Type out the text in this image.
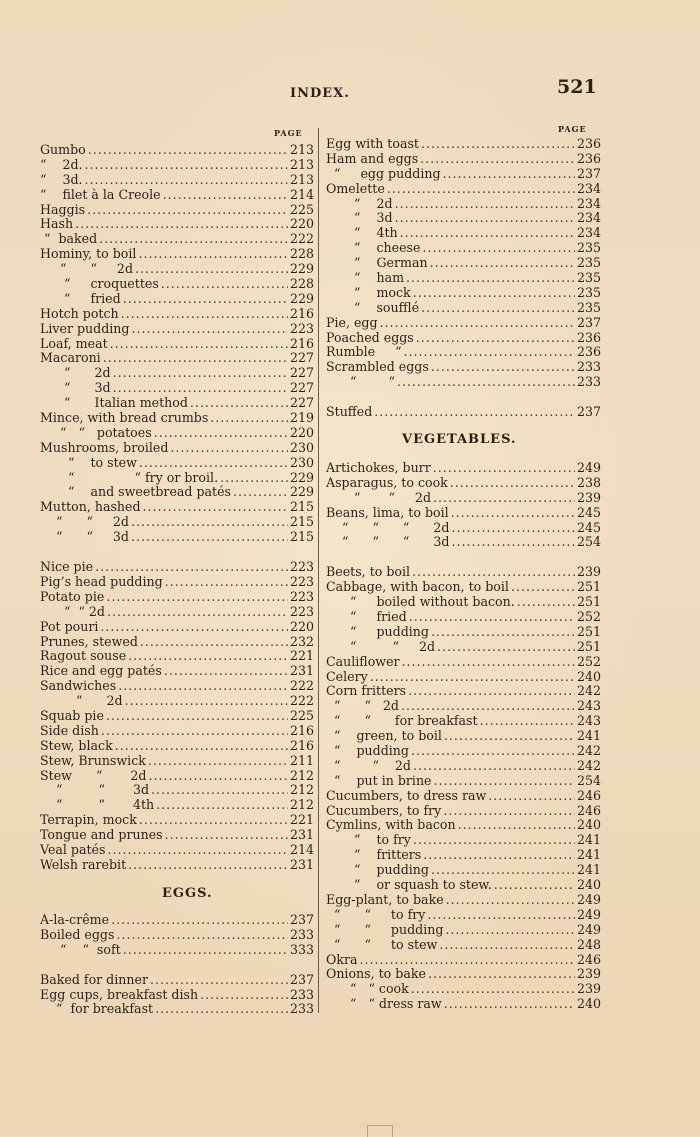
INDEX.	521
PAGE
Gumbo .....	213
“    2d. .....	213
“    3d. .....	213
“    filet à la Creole .....	214
Haggis .....	225
Hash .....	220
“  baked .....	222
Hominy, to boil .....	228
“      “     2d .....	229
“     croquettes .....	228
“     fried .....	229
Hotch potch .....	216
Liver pudding .....	223
Loaf, meat .....	216
Macaroni .....	227
“      2d .....	227
“      3d .....	227
“      Italian method .....	227
Mince, with bread crumbs .....	219
“   “   potatoes .....	220
Mushrooms, broiled .....	230
“    to stew .....	230
“               “ fry or broil. .....	229
“    and sweetbread patés .....	229
Mutton, hashed .....	215
“      “     2d .....	215
“      “     3d .....	215
Nice pie .....	223
Pig’s head pudding .....	223
Potato pie .....	223
“  “ 2d .....	223
Pot pouri .....	220
Prunes, stewed .....	232
Ragout souse .....	221
Rice and egg patés .....	231
Sandwiches .....	222
“      2d .....	222
Squab pie .....	225
Side dish .....	216
Stew, black .....	216
Stew, Brunswick .....	211
Stew      “       2d .....	212
“         “       3d .....	212
“         “       4th .....	212
Terrapin, mock .....	221
Tongue and prunes .....	231
Veal patés .....	214
Welsh rarebit .....	231
EGGS.
À-la-crême .....	237
Boiled eggs .....	233
“    “  soft .....	333
Baked for dinner .....	237
Egg cups, breakfast dish .....	233
“  for breakfast .....	233
PAGE
Egg with toast .....	236
Ham and eggs .....	236
“     egg pudding .....	237
Omelette .....	234
“    2d .....	234
“    3d .....	234
“    4th .....	234
“    cheese .....	235
“    German .....	235
“    ham .....	235
“    mock .....	235
“    soufflé .....	235
Pie, egg .....	237
Poached eggs .....	236
Rumble     “ .....	236
Scrambled eggs .....	233
“        “ .....	233
Stuffed .....	237
VEGETABLES.
Artichokes, burr .....	249
Asparagus, to cook .....	238
“       “     2d .....	239
Beans, lima, to boil .....	245
“      “      “      2d .....	245
“      “      “      3d .....	254
Beets, to boil .....	239
Cabbage, with bacon, to boil .....	251
“     boiled without bacon. .....	251
“     fried .....	252
“     pudding .....	251
“         “     2d .....	251
Cauliflower .....	252
Celery .....	240
Corn fritters .....	242
“      “   2d .....	243
“      “      for breakfast .....	243
“    green, to boil .....	241
“    pudding .....	242
“        “    2d .....	242
“    put in brine .....	254
Cucumbers, to dress raw .....	246
Cucumbers, to fry .....	246
Cymlins, with bacon .....	240
“    to fry .....	241
“    fritters .....	241
“    pudding .....	241
“    or squash to stew. .....	240
Egg-plant, to bake .....	249
“      “     to fry .....	249
“      “     pudding .....	249
“      “     to stew .....	248
Okra .....	246
Onions, to bake .....	239
“   “ cook .....	239
“   “ dress raw .....	240
